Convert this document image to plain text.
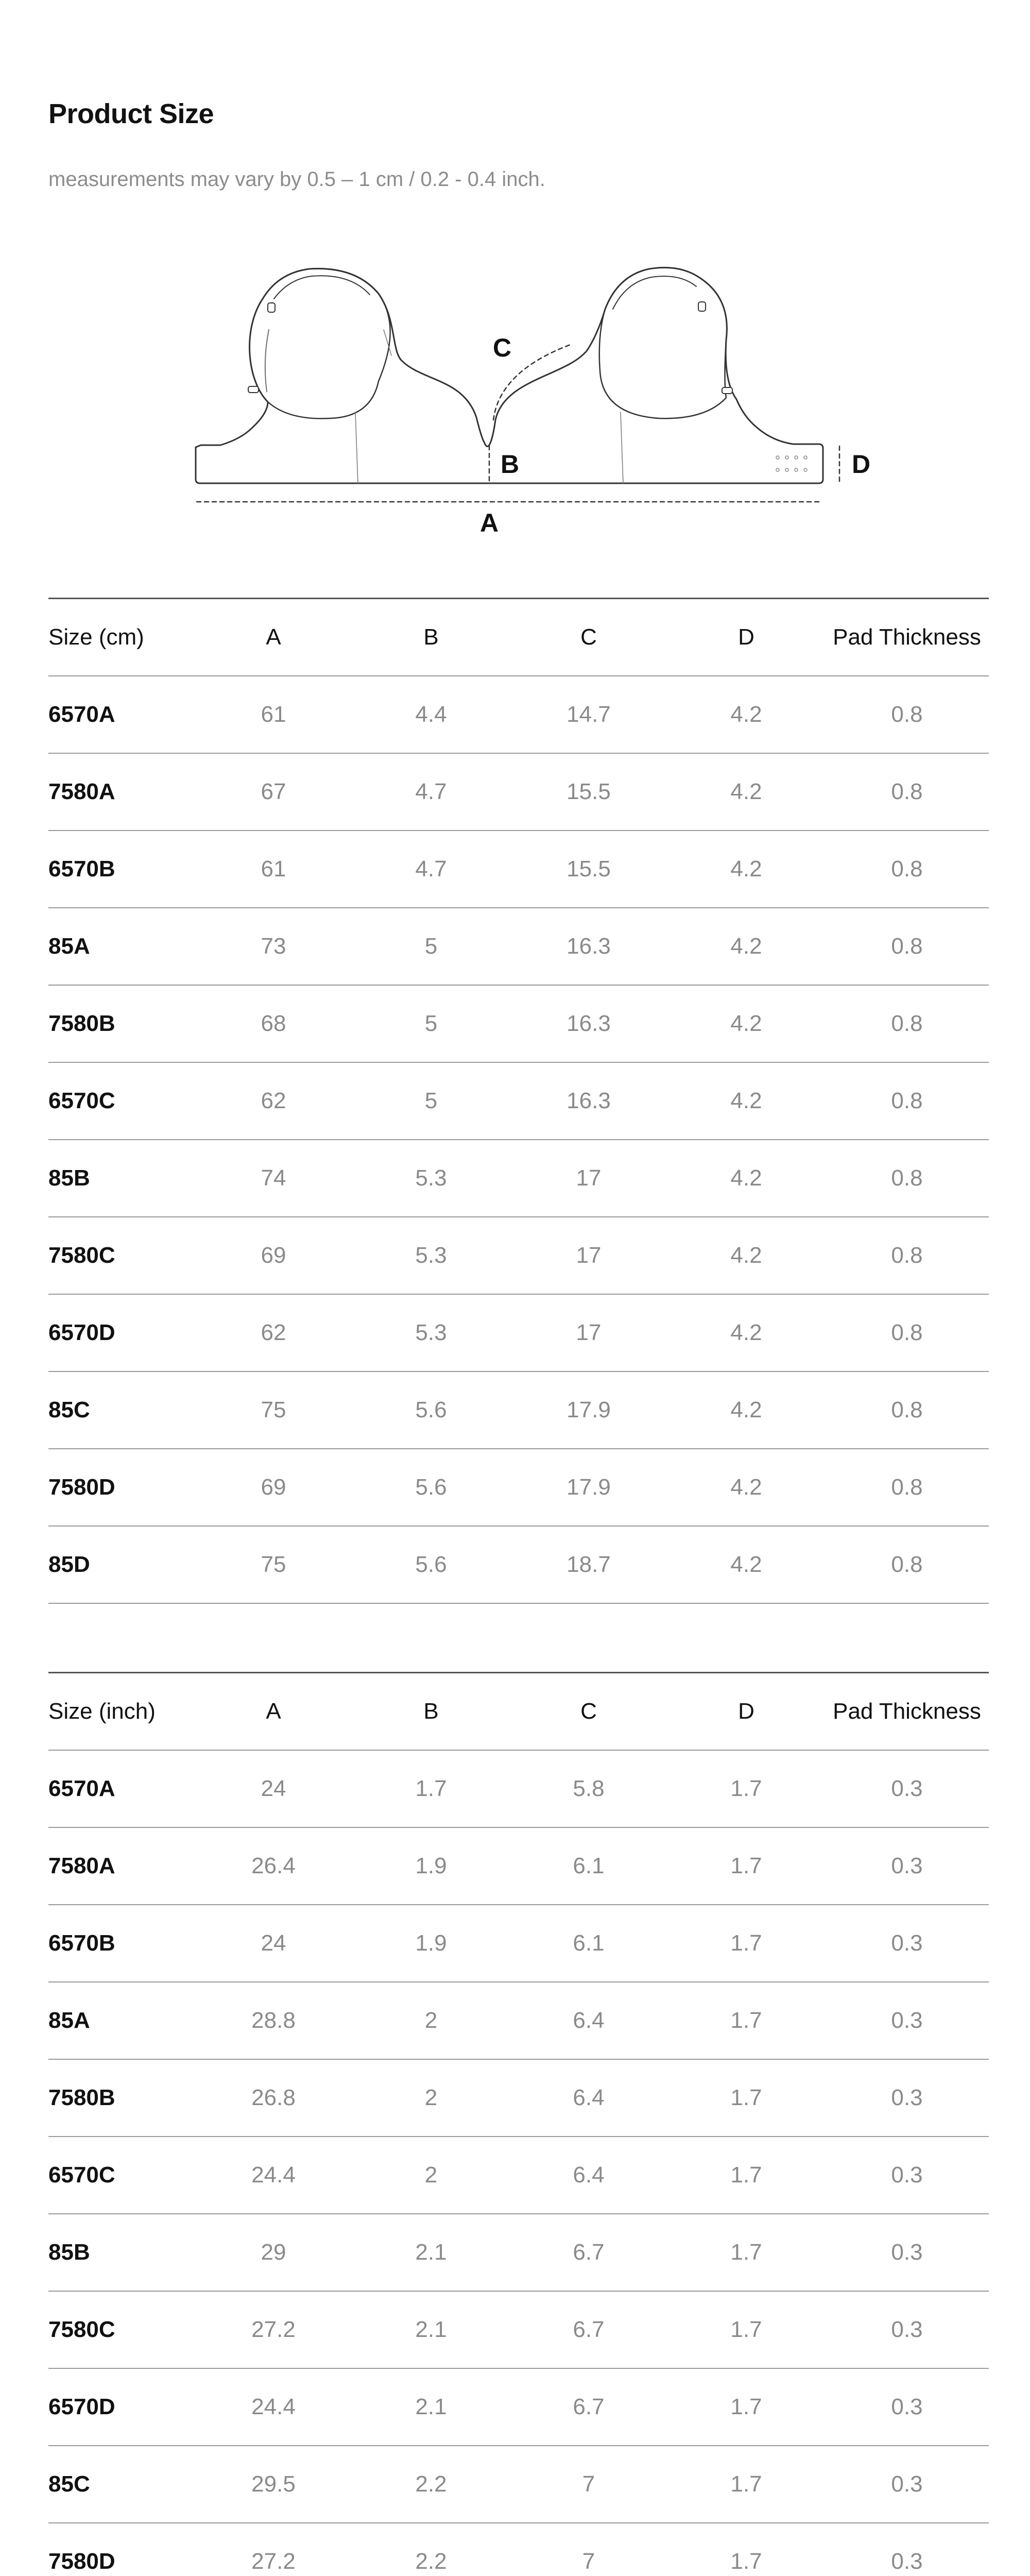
Product Size

measurements may vary by 0.5 – 1 cm / 0.2 - 0.4 inch.

A
B
C
D
Size (cm)	A	B	C	D	Pad Thickness
6570A	61	4.4	14.7	4.2	0.8
7580A	67	4.7	15.5	4.2	0.8
6570B	61	4.7	15.5	4.2	0.8
85A	73	5	16.3	4.2	0.8
7580B	68	5	16.3	4.2	0.8
6570C	62	5	16.3	4.2	0.8
85B	74	5.3	17	4.2	0.8
7580C	69	5.3	17	4.2	0.8
6570D	62	5.3	17	4.2	0.8
85C	75	5.6	17.9	4.2	0.8
7580D	69	5.6	17.9	4.2	0.8
85D	75	5.6	18.7	4.2	0.8
Size (inch)	A	B	C	D	Pad Thickness
6570A	24	1.7	5.8	1.7	0.3
7580A	26.4	1.9	6.1	1.7	0.3
6570B	24	1.9	6.1	1.7	0.3
85A	28.8	2	6.4	1.7	0.3
7580B	26.8	2	6.4	1.7	0.3
6570C	24.4	2	6.4	1.7	0.3
85B	29	2.1	6.7	1.7	0.3
7580C	27.2	2.1	6.7	1.7	0.3
6570D	24.4	2.1	6.7	1.7	0.3
85C	29.5	2.2	7	1.7	0.3
7580D	27.2	2.2	7	1.7	0.3
